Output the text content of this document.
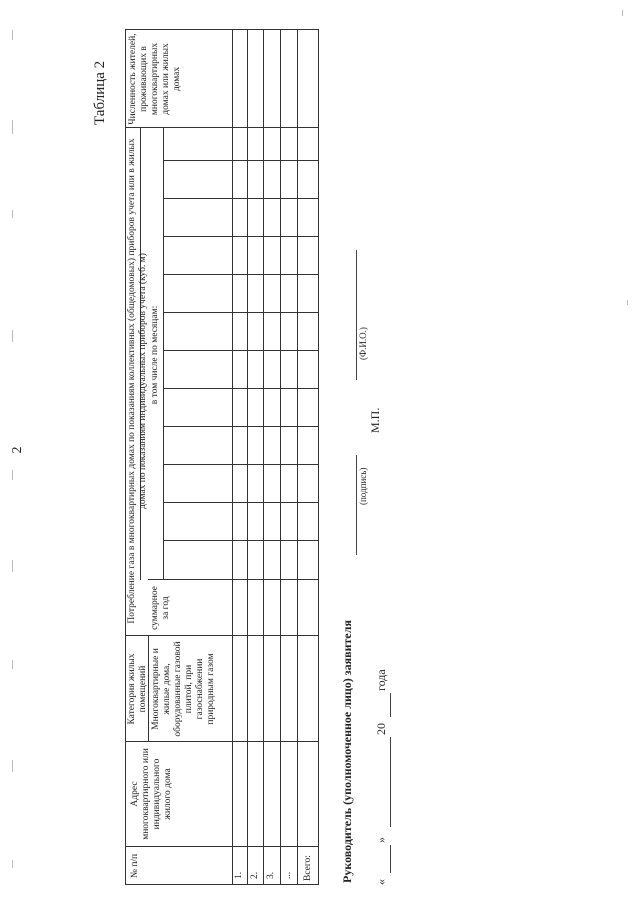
2
Таблица 2
№ п/п
Адрес многоквартирного или индивидуального жилого дома
Категория жилых помещений Многоквартирные и жилые дома, оборудованные газовой плитой, при газоснабжении природным газом
Потребление газа в многоквартирных домах по показаниям коллективных (общедомовых) приборов учета или в жилых домах по показаниям индивидуальных приборов учета (куб. м)
суммарное за год
в том числе по месяцам:
Численность жителей, проживающих в многоквартирных домах или жилых домах
1. 2. 3. ... Всего: Руководитель (уполномоченное лицо) заявителя
(подпись)
М.П.
(Ф.И.О.)
«
»
20
года
